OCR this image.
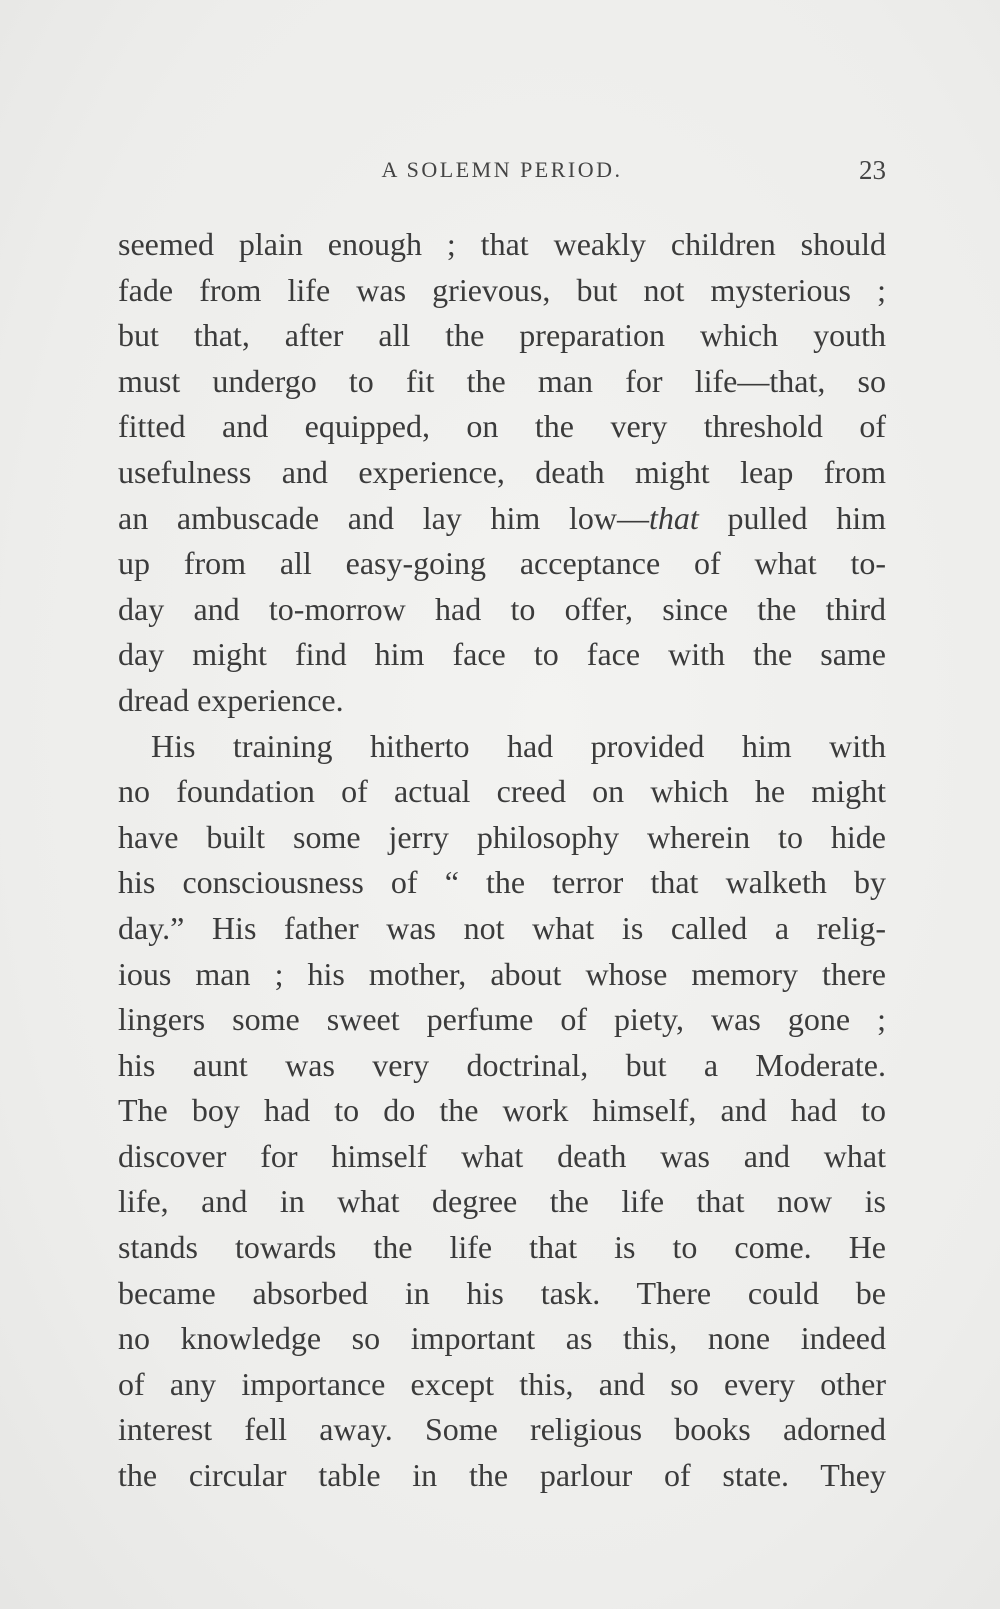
A SOLEMN PERIOD.	23
seemed plain enough ; that weakly children should
fade from life was grievous, but not mysterious ;
but that, after all the preparation which youth
must undergo to fit the man for life—that, so
fitted and equipped, on the very threshold of
usefulness and experience, death might leap from
an ambuscade and lay him low—that pulled him
up from all easy-going acceptance of what to-
day and to-morrow had to offer, since the third
day might find him face to face with the same
dread experience.
His training hitherto had provided him with
no foundation of actual creed on which he might
have built some jerry philosophy wherein to hide
his consciousness of “ the terror that walketh by
day.” His father was not what is called a relig-
ious man ; his mother, about whose memory there
lingers some sweet perfume of piety, was gone ;
his aunt was very doctrinal, but a Moderate.
The boy had to do the work himself, and had to
discover for himself what death was and what
life, and in what degree the life that now is
stands towards the life that is to come. He
became absorbed in his task. There could be
no knowledge so important as this, none indeed
of any importance except this, and so every other
interest fell away. Some religious books adorned
the circular table in the parlour of state. They
